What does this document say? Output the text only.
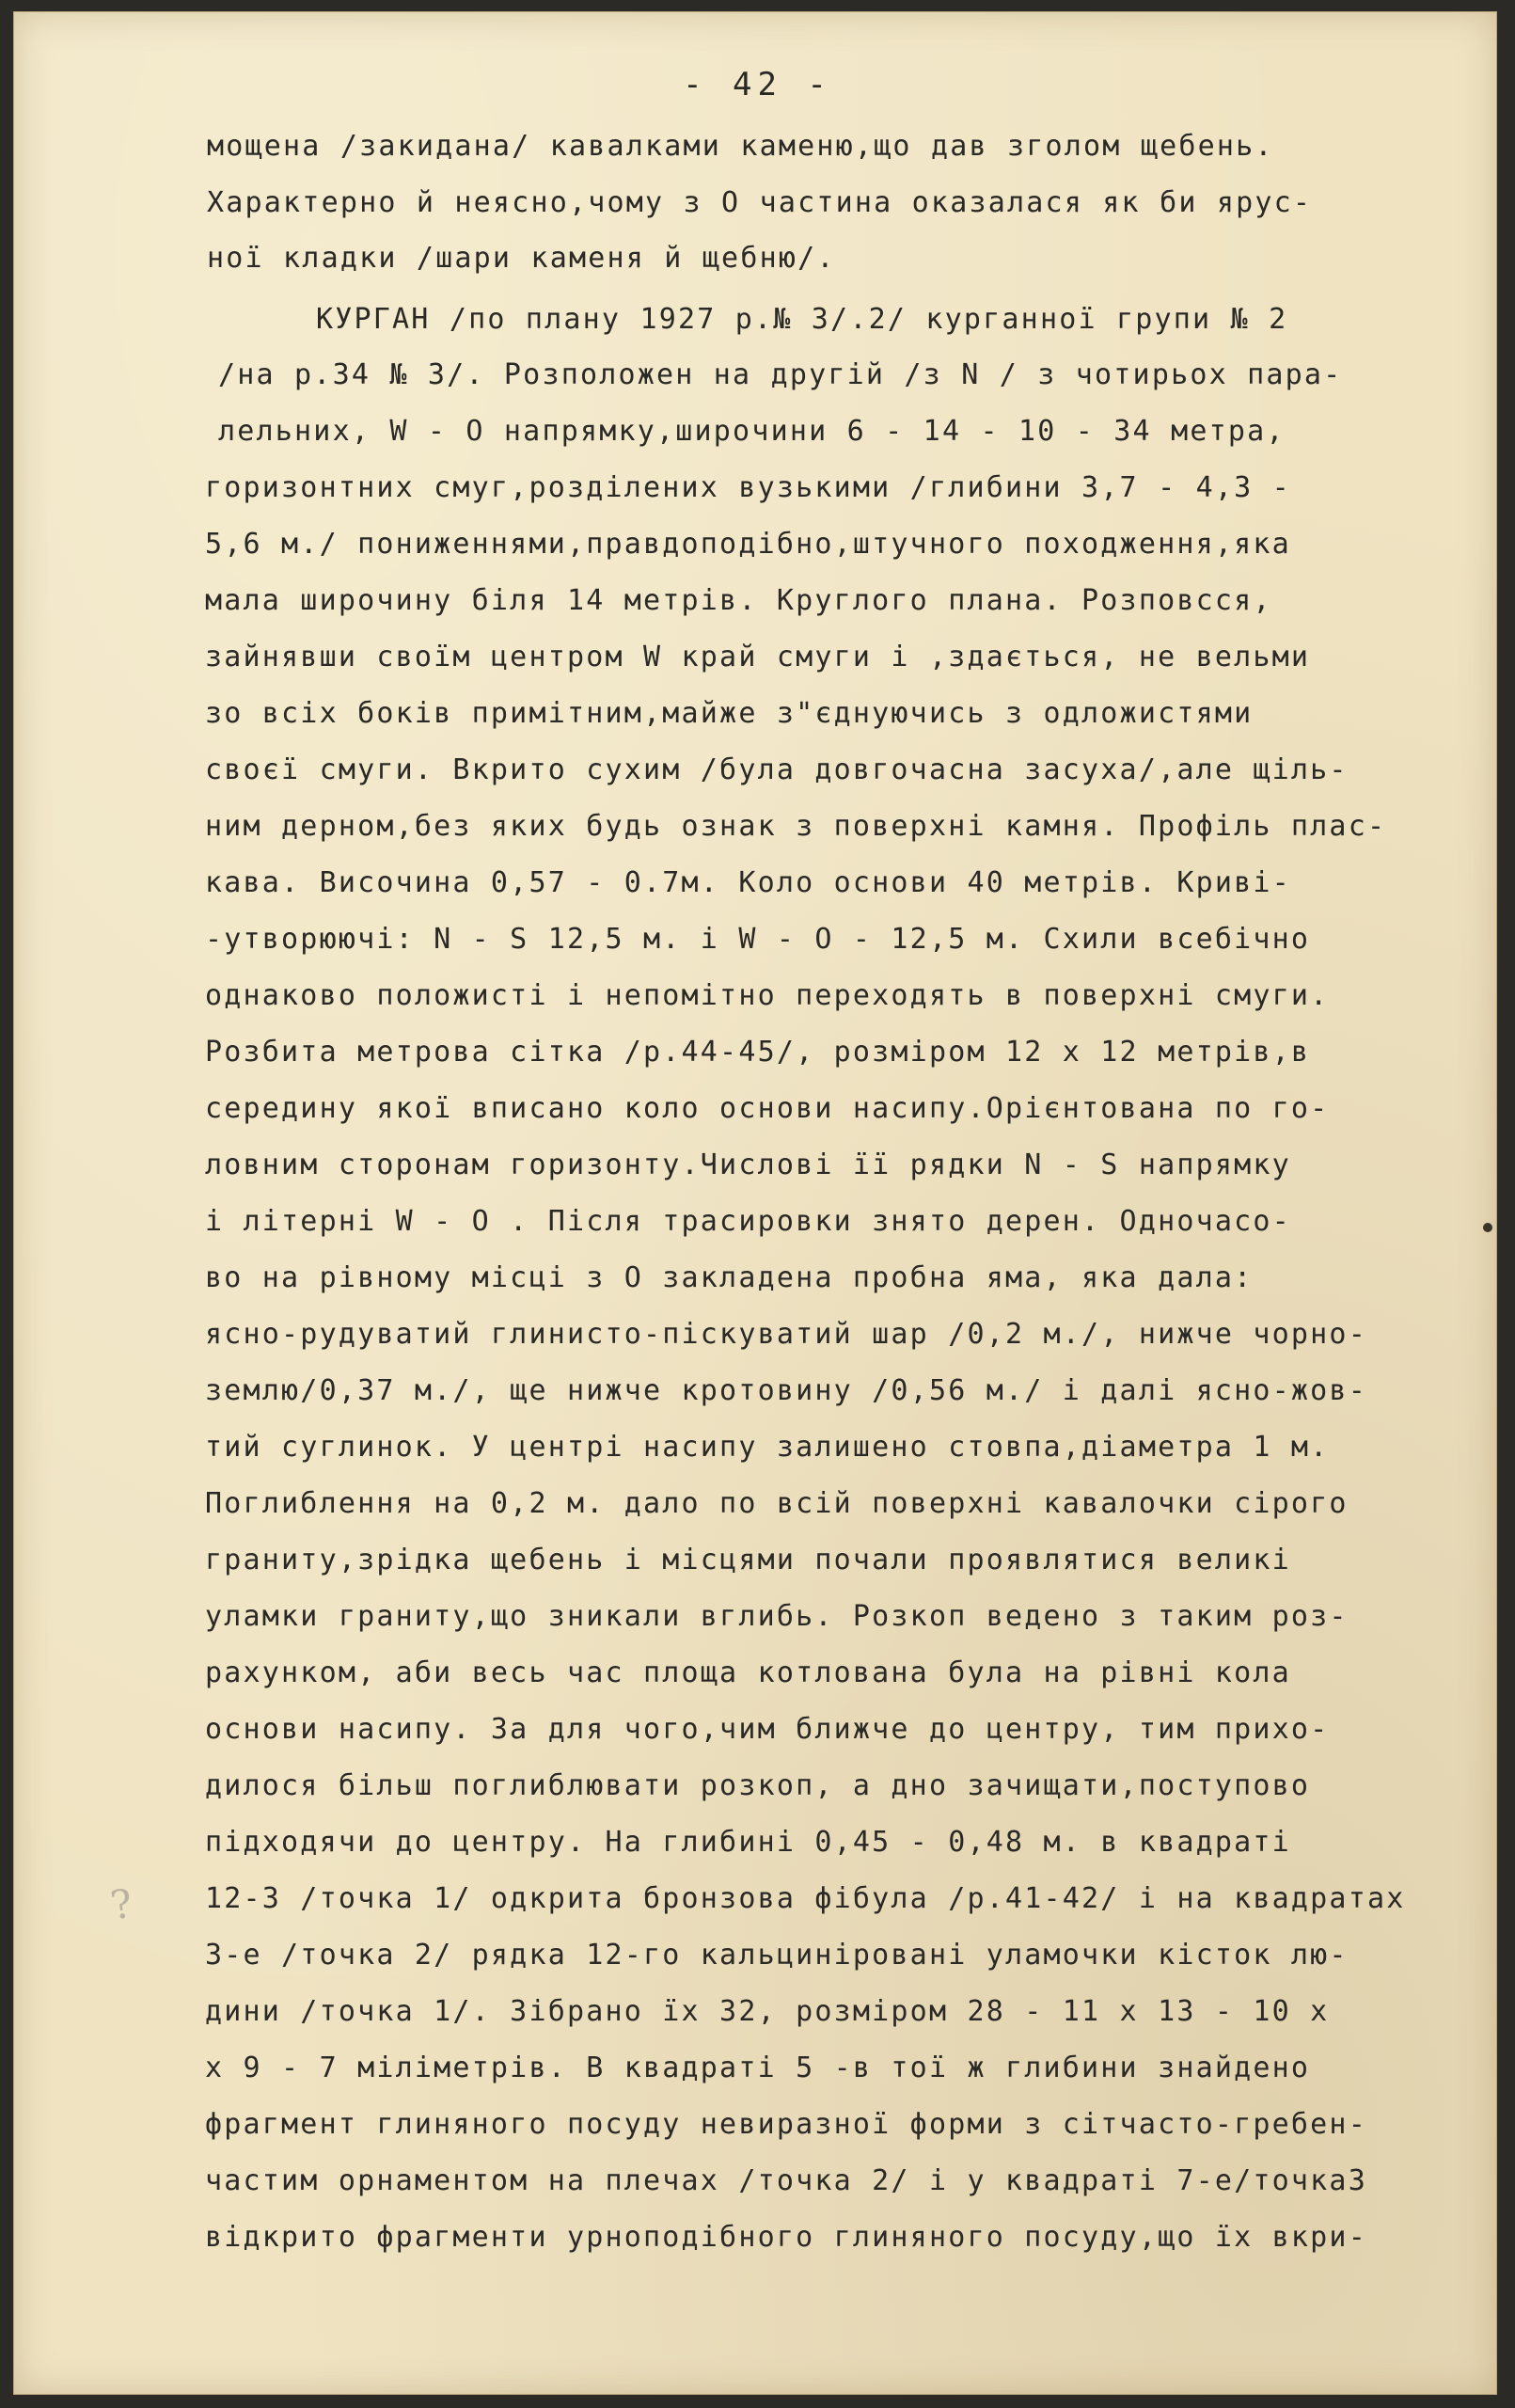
- 42 -
мощена /закидана/ кавалками каменю,що дав зголом щебень.
Характерно й неясно,чому з О частина оказалася як би ярус-
ної кладки /шари каменя й щебню/.
КУРГАН /по плану 1927 р.№ 3/.2/ курганної групи № 2
/на р.34 № 3/. Розположен на другій /з N / з чотирьох пара-
лельних, W - O напрямку,широчини 6 - 14 - 10 - 34 метра,
горизонтних смуг,розділених вузькими /глибини 3,7 - 4,3 -
5,6 м./ пониженнями,правдоподібно,штучного походження,яка
мала широчину біля 14 метрів. Круглого плана. Розповсся,
зайнявши своїм центром W край смуги і ,здається, не вельми
зо всіх боків примітним,майже з"єднуючись з одложистями
своєї смуги. Вкрито сухим /була довгочасна засуха/,але щіль-
ним дерном,без яких будь ознак з поверхні камня. Профіль плас-
кава. Височина 0,57 - 0.7м. Коло основи 40 метрів. Криві-
-утворюючі: N - S 12,5 м. і W - O - 12,5 м. Схили всебічно
однаково положисті і непомітно переходять в поверхні смуги.
Розбита метрова сітка /р.44-45/, розміром 12 х 12 метрів,в
середину якої вписано коло основи насипу.Орієнтована по го-
ловним сторонам горизонту.Числові її рядки N - S напрямку
і літерні W - O . Після трасировки знято дерен. Одночасо-
во на рівному місці з О закладена пробна яма, яка дала:
ясно-рудуватий глинисто-піскуватий шар /0,2 м./, нижче чорно-
землю/0,37 м./, ще нижче кротовину /0,56 м./ і далі ясно-жов-
тий суглинок. У центрі насипу залишено стовпа,діаметра 1 м.
Поглиблення на 0,2 м. дало по всій поверхні кавалочки сірого
граниту,зрідка щебень і місцями почали проявлятися великі
уламки граниту,що зникали вглибь. Розкоп ведено з таким роз-
рахунком, аби весь час площа котлована була на рівні кола
основи насипу. За для чого,чим ближче до центру, тим прихо-
дилося більш поглиблювати розкоп, а дно зачищати,поступово
підходячи до центру. На глибині 0,45 - 0,48 м. в квадраті
12-3 /точка 1/ одкрита бронзова фібула /р.41-42/ і на квадратах
3-е /точка 2/ рядка 12-го кальциніровані уламочки кісток лю-
дини /точка 1/. Зібрано їх 32, розміром 28 - 11 х 13 - 10 х
х 9 - 7 міліметрів. В квадраті 5 -в тої ж глибини знайдено
фрагмент глиняного посуду невиразної форми з сітчасто-гребен-
частим орнаментом на плечах /точка 2/ і у квадраті 7-е/точка3
відкрито фрагменти урноподібного глиняного посуду,що їх вкри-
?
